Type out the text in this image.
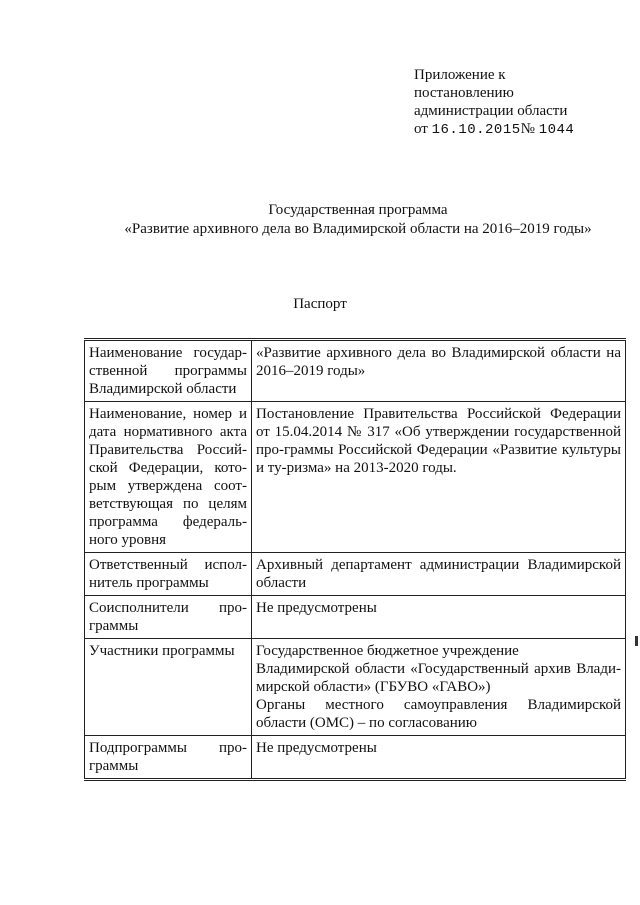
Приложение к
постановлению
администрации области
от 16.10.2015№ 1044
Государственная программа
«Развитие архивного дела во Владимирской области на 2016–2019 годы»
Паспорт
Наименование государ-ственной программы Владимирской области	«Развитие архивного дела во Владимирской области на 2016–2019 годы»
Наименование, номер и дата нормативного акта Правительства Россий-ской Федерации, кото-рым утверждена соот-ветствующая по целям программа федераль-ного уровня	Постановление Правительства Российской Федерации от 15.04.2014 № 317 «Об утверждении государственной про-граммы Российской Федерации «Развитие культуры и ту-ризма» на 2013-2020 годы.
Ответственный испол-нитель программы	Архивный департамент администрации Владимирской области
Соисполнители про-граммы	Не предусмотрены
Участники программы	Государственное бюджетное учреждение
Владимирской области «Государственный архив Влади-мирской области» (ГБУВО «ГАВО»)
Органы местного самоуправления Владимирской области (ОМС) – по согласованию
Подпрограммы про-граммы	Не предусмотрены
